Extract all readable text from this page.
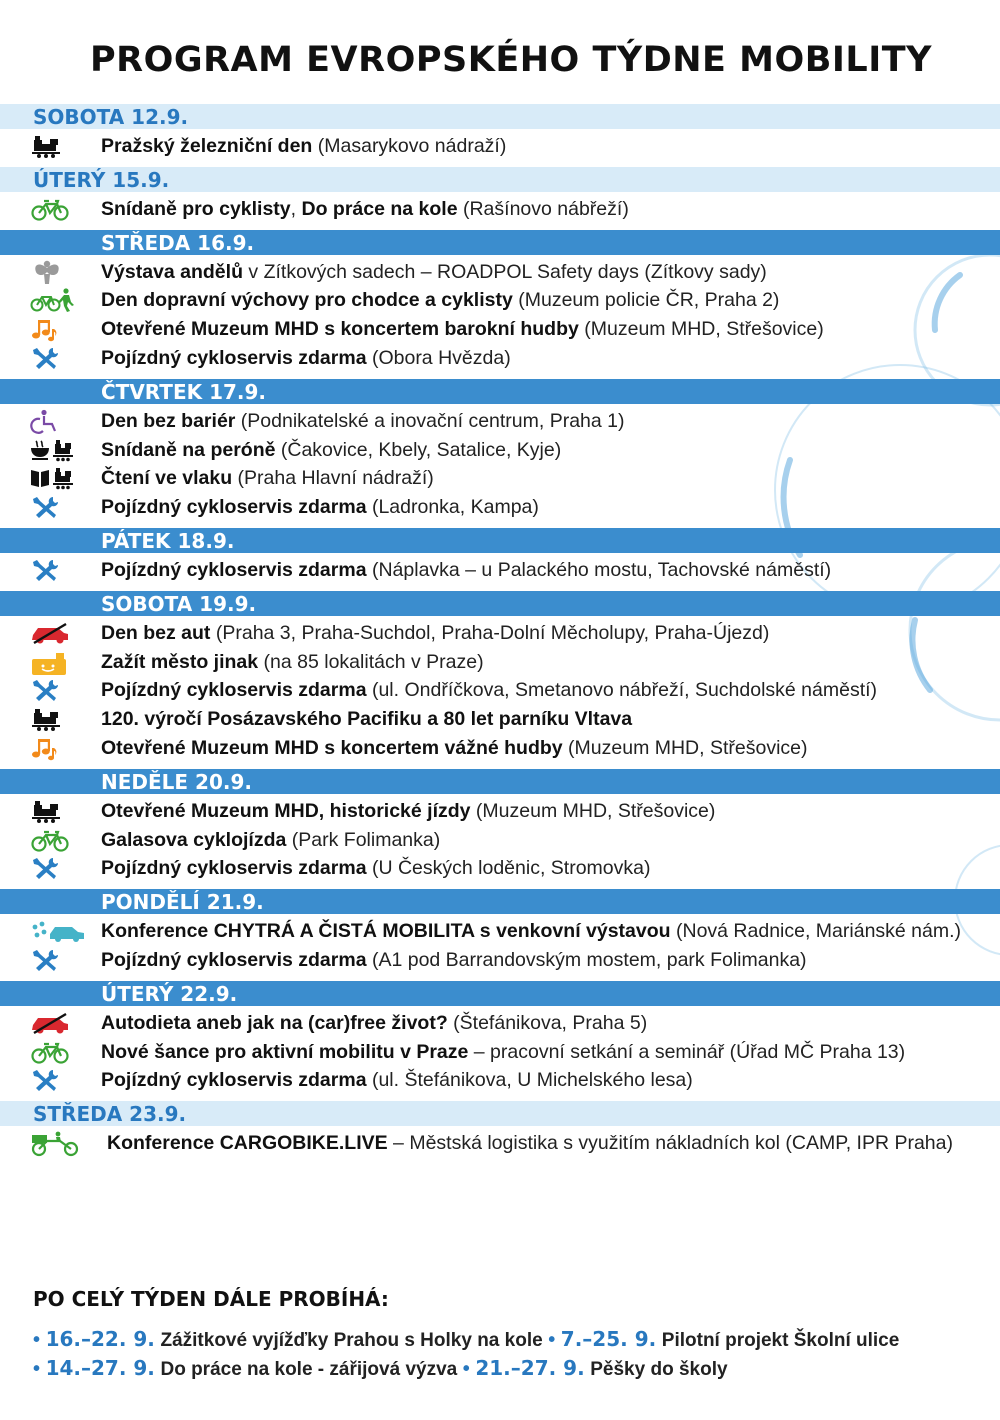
PROGRAM EVROPSKÉHO TÝDNE MOBILITY
SOBOTA 12.9.
Pražský železniční den (Masarykovo nádraží)
ÚTERÝ 15.9.
Snídaně pro cyklisty, Do práce na kole (Rašínovo nábřeží)
STŘEDA 16.9.
Výstava andělů v Zítkových sadech – ROADPOL Safety days (Zítkovy sady)
Den dopravní výchovy pro chodce a cyklisty (Muzeum policie ČR, Praha 2)
Otevřené Muzeum MHD s koncertem barokní hudby (Muzeum MHD, Střešovice)
Pojízdný cykloservis zdarma (Obora Hvězda)
ČTVRTEK 17.9.
Den bez bariér (Podnikatelské a inovační centrum, Praha 1)
Snídaně na peróně (Čakovice, Kbely, Satalice, Kyje)
Čtení ve vlaku (Praha Hlavní nádraží)
Pojízdný cykloservis zdarma (Ladronka, Kampa)
PÁTEK 18.9.
Pojízdný cykloservis zdarma (Náplavka – u Palackého mostu, Tachovské náměstí)
SOBOTA 19.9.
Den bez aut (Praha 3, Praha-Suchdol, Praha-Dolní Měcholupy, Praha-Újezd)
Zažít město jinak (na 85 lokalitách v Praze)
Pojízdný cykloservis zdarma (ul. Ondříčkova, Smetanovo nábřeží, Suchdolské náměstí)
120. výročí Posázavského Pacifiku a 80 let parníku Vltava
Otevřené Muzeum MHD s koncertem vážné hudby (Muzeum MHD, Střešovice)
NEDĚLE 20.9.
Otevřené Muzeum MHD, historické jízdy (Muzeum MHD, Střešovice)
Galasova cyklojízda (Park Folimanka)
Pojízdný cykloservis zdarma (U Českých loděnic, Stromovka)
PONDĚLÍ 21.9.
Konference CHYTRÁ A ČISTÁ MOBILITA s venkovní výstavou (Nová Radnice, Mariánské nám.)
Pojízdný cykloservis zdarma (A1 pod Barrandovským mostem, park Folimanka)
ÚTERÝ 22.9.
Autodieta aneb jak na (car)free život? (Štefánikova, Praha 5)
Nové šance pro aktivní mobilitu v Praze – pracovní setkání a seminář (Úřad MČ Praha 13)
Pojízdný cykloservis zdarma (ul. Štefánikova, U Michelského lesa)
STŘEDA 23.9.
Konference CARGOBIKE.LIVE – Městská logistika s využitím nákladních kol (CAMP, IPR Praha)
PO CELÝ TÝDEN DÁLE PROBÍHÁ:
• 16.–22. 9. Zážitkové vyjížďky Prahou s Holky na kole • 7.–25. 9. Pilotní projekt Školní ulice
• 14.–27. 9. Do práce na kole - zářijová výzva • 21.–27. 9. Pěšky do školy
